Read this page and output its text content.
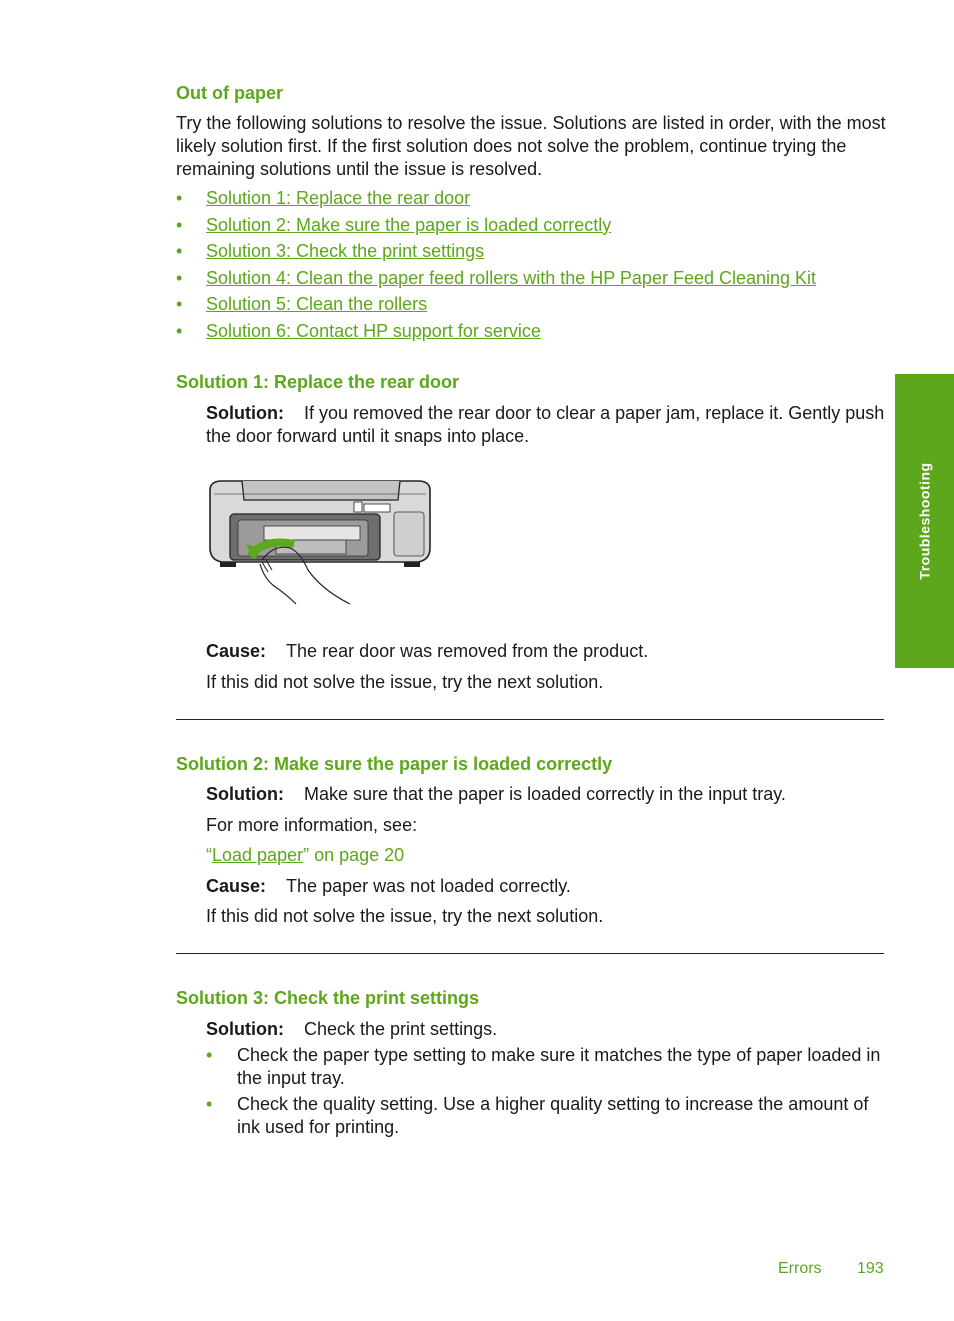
Out of paper

Try the following solutions to resolve the issue. Solutions are listed in order, with the most likely solution first. If the first solution does not solve the problem, continue trying the remaining solutions until the issue is resolved.

•	Solution 1: Replace the rear door
•	Solution 2: Make sure the paper is loaded correctly
•	Solution 3: Check the print settings
•	Solution 4: Clean the paper feed rollers with the HP Paper Feed Cleaning Kit
•	Solution 5: Clean the rollers
•	Solution 6: Contact HP support for service
Solution 1: Replace the rear door

Solution: If you removed the rear door to clear a paper jam, replace it. Gently push the door forward until it snaps into place.

Cause: The rear door was removed from the product.

If this did not solve the issue, try the next solution.

Solution 2: Make sure the paper is loaded correctly

Solution: Make sure that the paper is loaded correctly in the input tray.

For more information, see:

“Load paper” on page 20

Cause: The paper was not loaded correctly.

If this did not solve the issue, try the next solution.

Solution 3: Check the print settings

Solution: Check the print settings.

•	Check the paper type setting to make sure it matches the type of paper loaded in the input tray.
•	Check the quality setting. Use a higher quality setting to increase the amount of ink used for printing.
Troubleshooting
Errors 193
